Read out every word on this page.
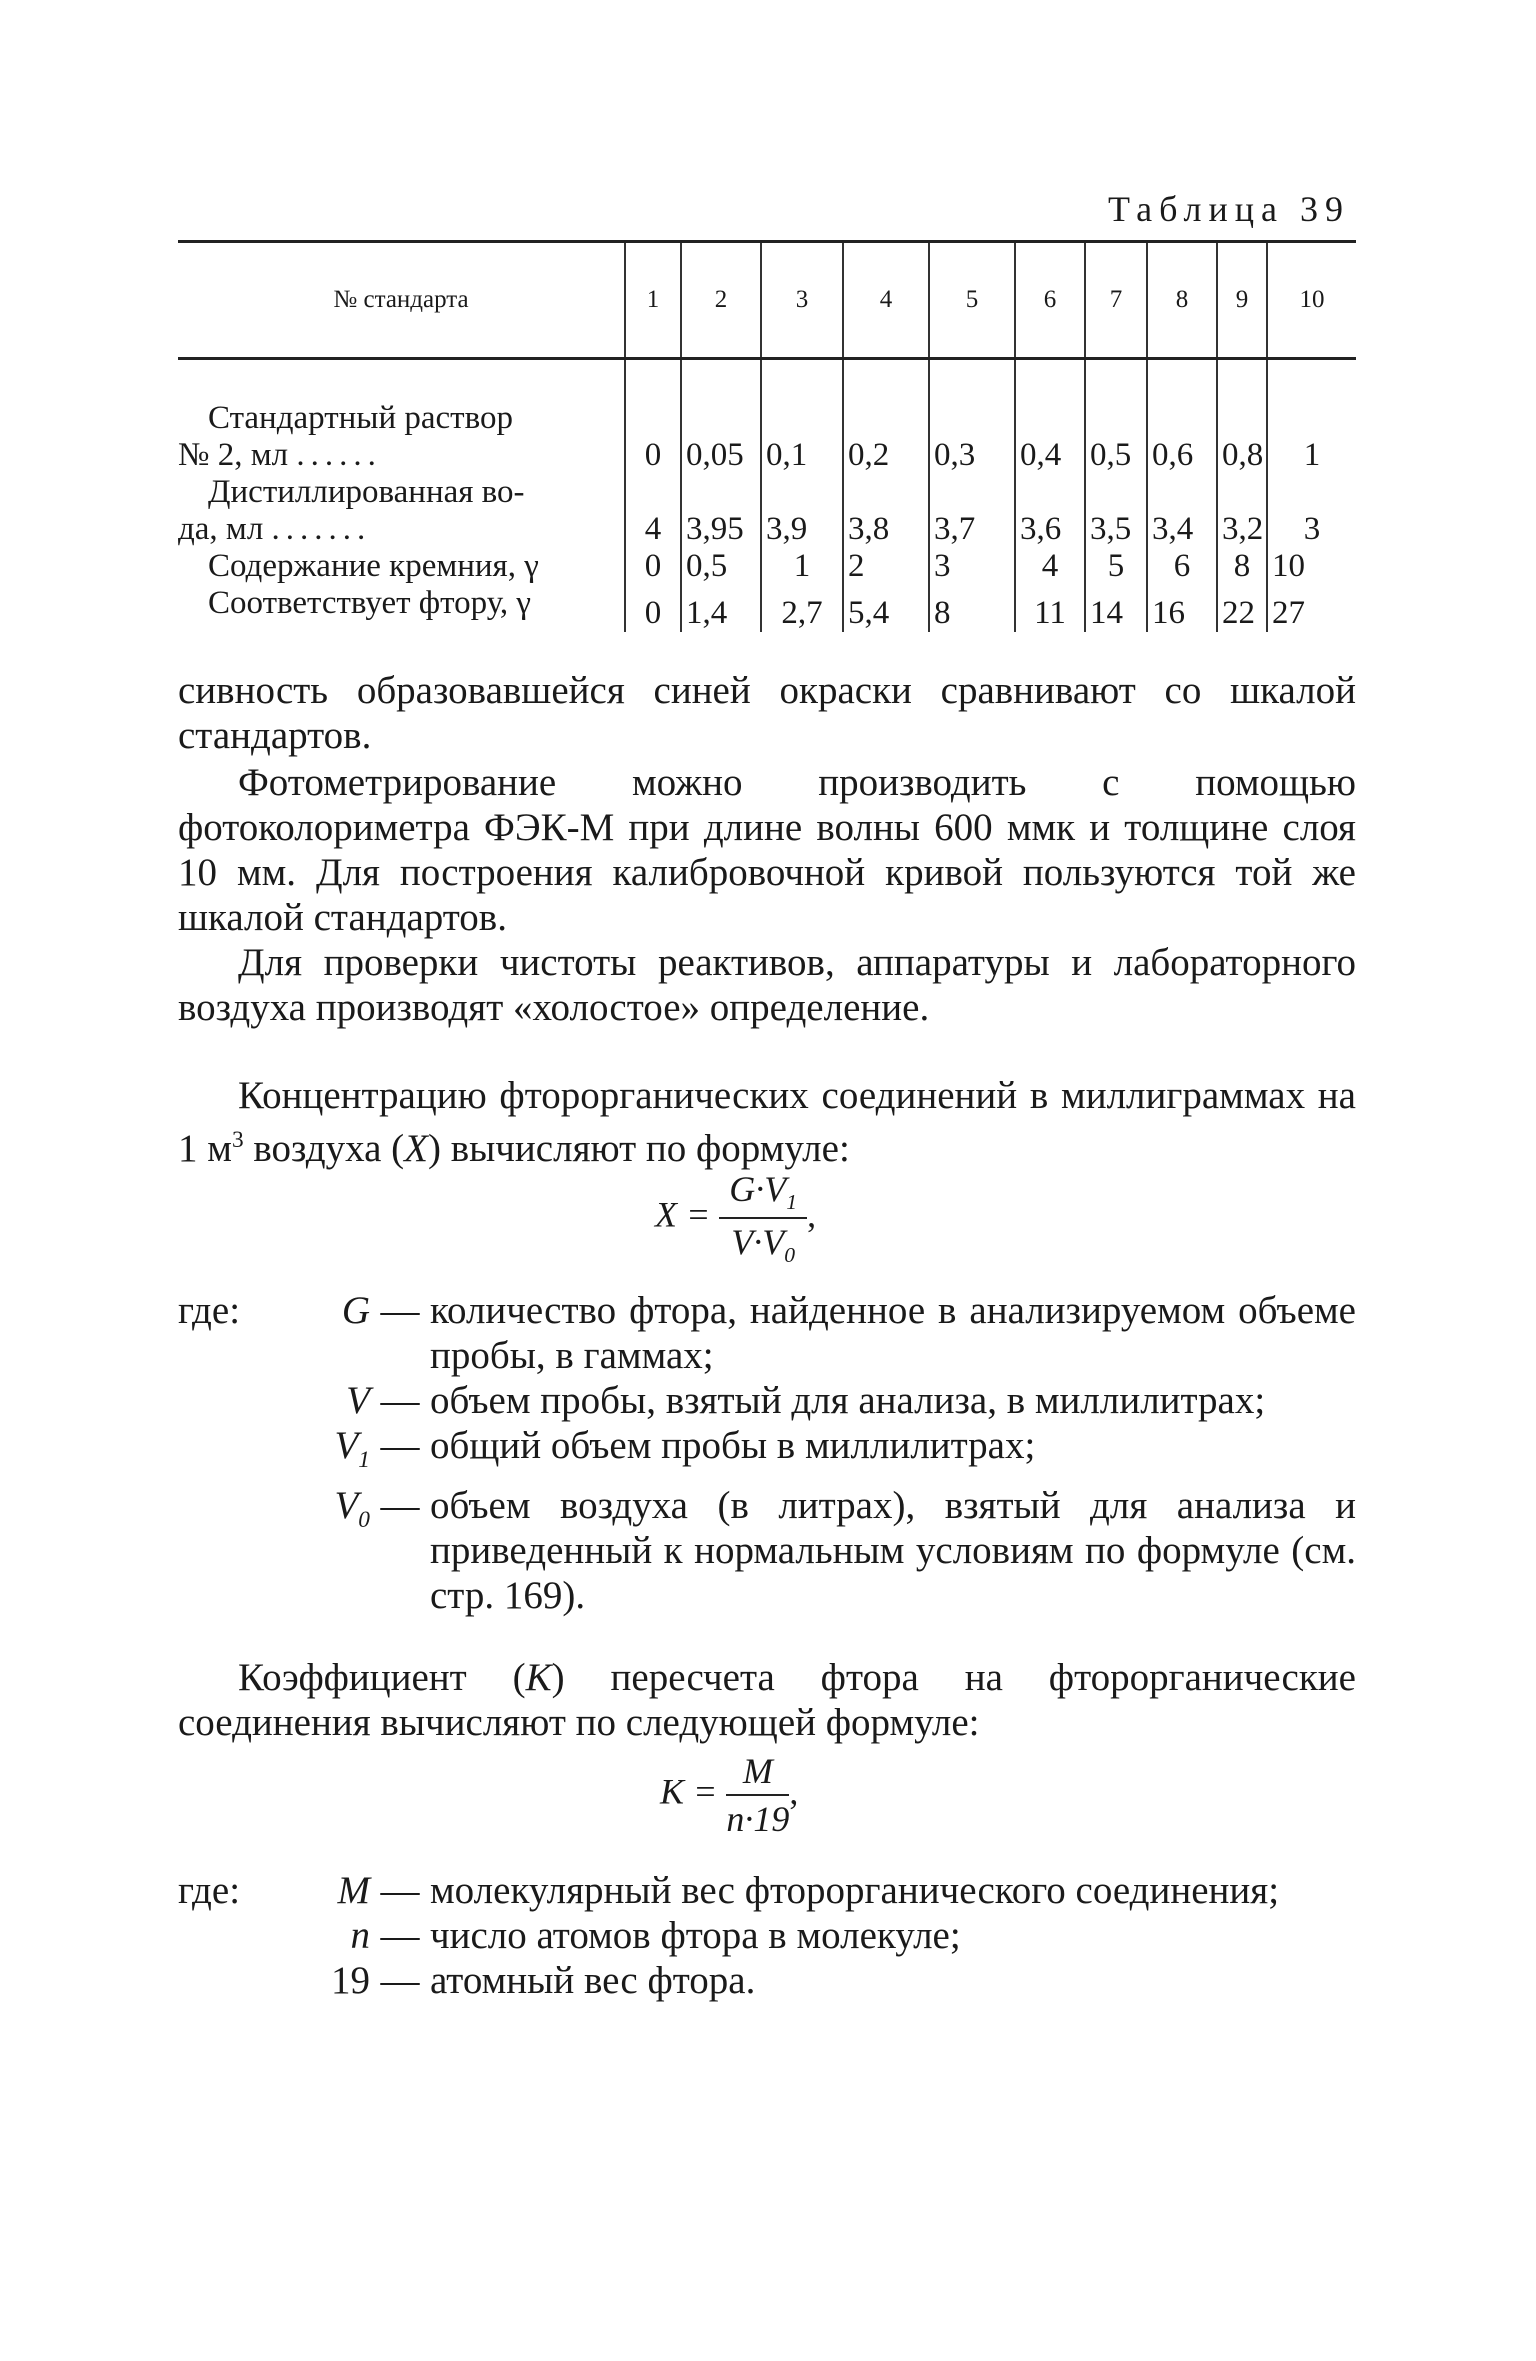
Таблица 39
№ стандарта	1	2	3	4	5	6	7	8	9	10

Стандартный раствор
№ 2, мл ......	0	0,05	0,1	0,2	0,3	0,4	0,5	0,6	0,8	1

Дистиллированная во-
да, мл .......	4	3,95	3,9	3,8	3,7	3,6	3,5	3,4	3,2	3
Содержание кремния, γ	0	0,5	1	2	3	4	5	6	8	10
Соответствует фтору, γ	0	1,4	2,7	5,4	8	11	14	16	22	27

сивность образовавшейся синей окраски сравнивают со шкалой стандартов.

Фотометрирование можно производить с помощью фотоколориметра ФЭК-М при длине волны 600 ммк и толщине слоя 10 мм. Для построения калибровочной кривой пользуются той же шкалой стандартов.

Для проверки чистоты реактивов, аппаратуры и лабораторного воздуха производят «холостое» определение.

Концентрацию фторорганических соединений в миллиграммах на 1 $м^3$ воздуха (X) вычисляют по формуле:

$X = \frac{G\cdot V_1}{V\cdot V_0}$ ,
где:	G — количество фтора, найденное в анализируемом объеме пробы, в гаммах;
V — объем пробы, взятый для анализа, в миллилитрах;
$V_1$ — общий объем пробы в миллилитрах;
$V_0$ — объем воздуха (в литрах), взятый для анализа и приведенный к нормальным условиям по формуле (см. стр. 169).

Коэффициент (K) пересчета фтора на фторорганические соединения вычисляют по следующей формуле:

$K = \frac{M}{n\cdot 19}$ ,
где:	M — молекулярный вес фторорганического соединения;
n — число атомов фтора в молекуле;
19 — атомный вес фтора.
